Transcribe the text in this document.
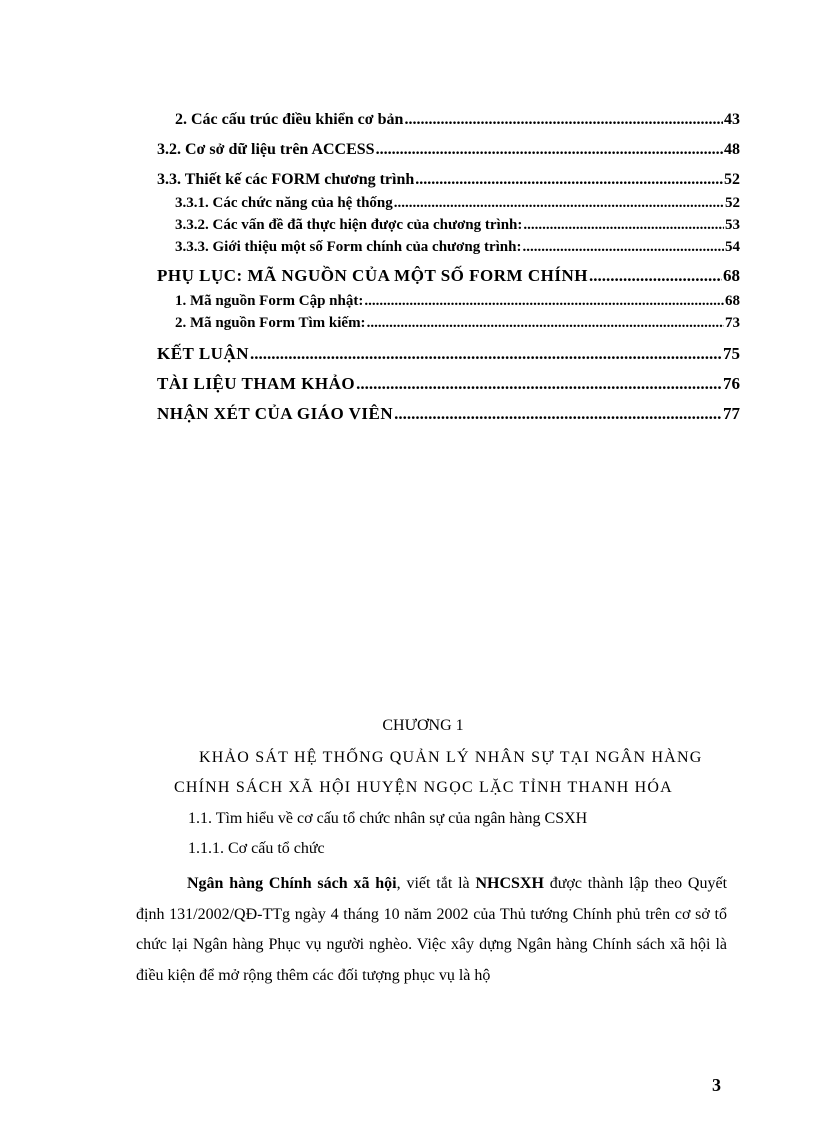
2. Các cấu trúc điều khiển cơ bản .....	43
3.2. Cơ sở dữ liệu trên ACCESS .....	48
3.3. Thiết kế các FORM chương trình .....	52
3.3.1. Các chức năng của hệ thống .....	52
3.3.2. Các vấn đề đã thực hiện được của chương trình: .....	53
3.3.3. Giới thiệu một số Form chính của chương trình: .....	54
PHỤ LỤC: MÃ NGUỒN CỦA MỘT SỐ FORM CHÍNH .....	68
1. Mã nguồn Form Cập nhật: .....	68
2. Mã nguồn Form Tìm kiếm: .....	73
KẾT LUẬN .....	75
TÀI LIỆU THAM KHẢO .....	76
NHẬN XÉT CỦA GIÁO VIÊN .....	77
CHƯƠNG 1
KHẢO SÁT HỆ THỐNG QUẢN LÝ NHÂN SỰ TẠI NGÂN HÀNG
CHÍNH SÁCH XÃ HỘI HUYỆN NGỌC LẶC TỈNH THANH HÓA
1.1. Tìm hiểu về cơ cấu tổ chức nhân sự của ngân hàng CSXH
1.1.1. Cơ cấu tổ chức

Ngân hàng Chính sách xã hội, viết tắt là NHCSXH được thành lập theo Quyết định 131/2002/QĐ-TTg ngày 4 tháng 10 năm 2002 của Thủ tướng Chính phủ trên cơ sở tổ chức lại Ngân hàng Phục vụ người nghèo. Việc xây dựng Ngân hàng Chính sách xã hội là điều kiện để mở rộng thêm các đối tượng phục vụ là hộ

3
